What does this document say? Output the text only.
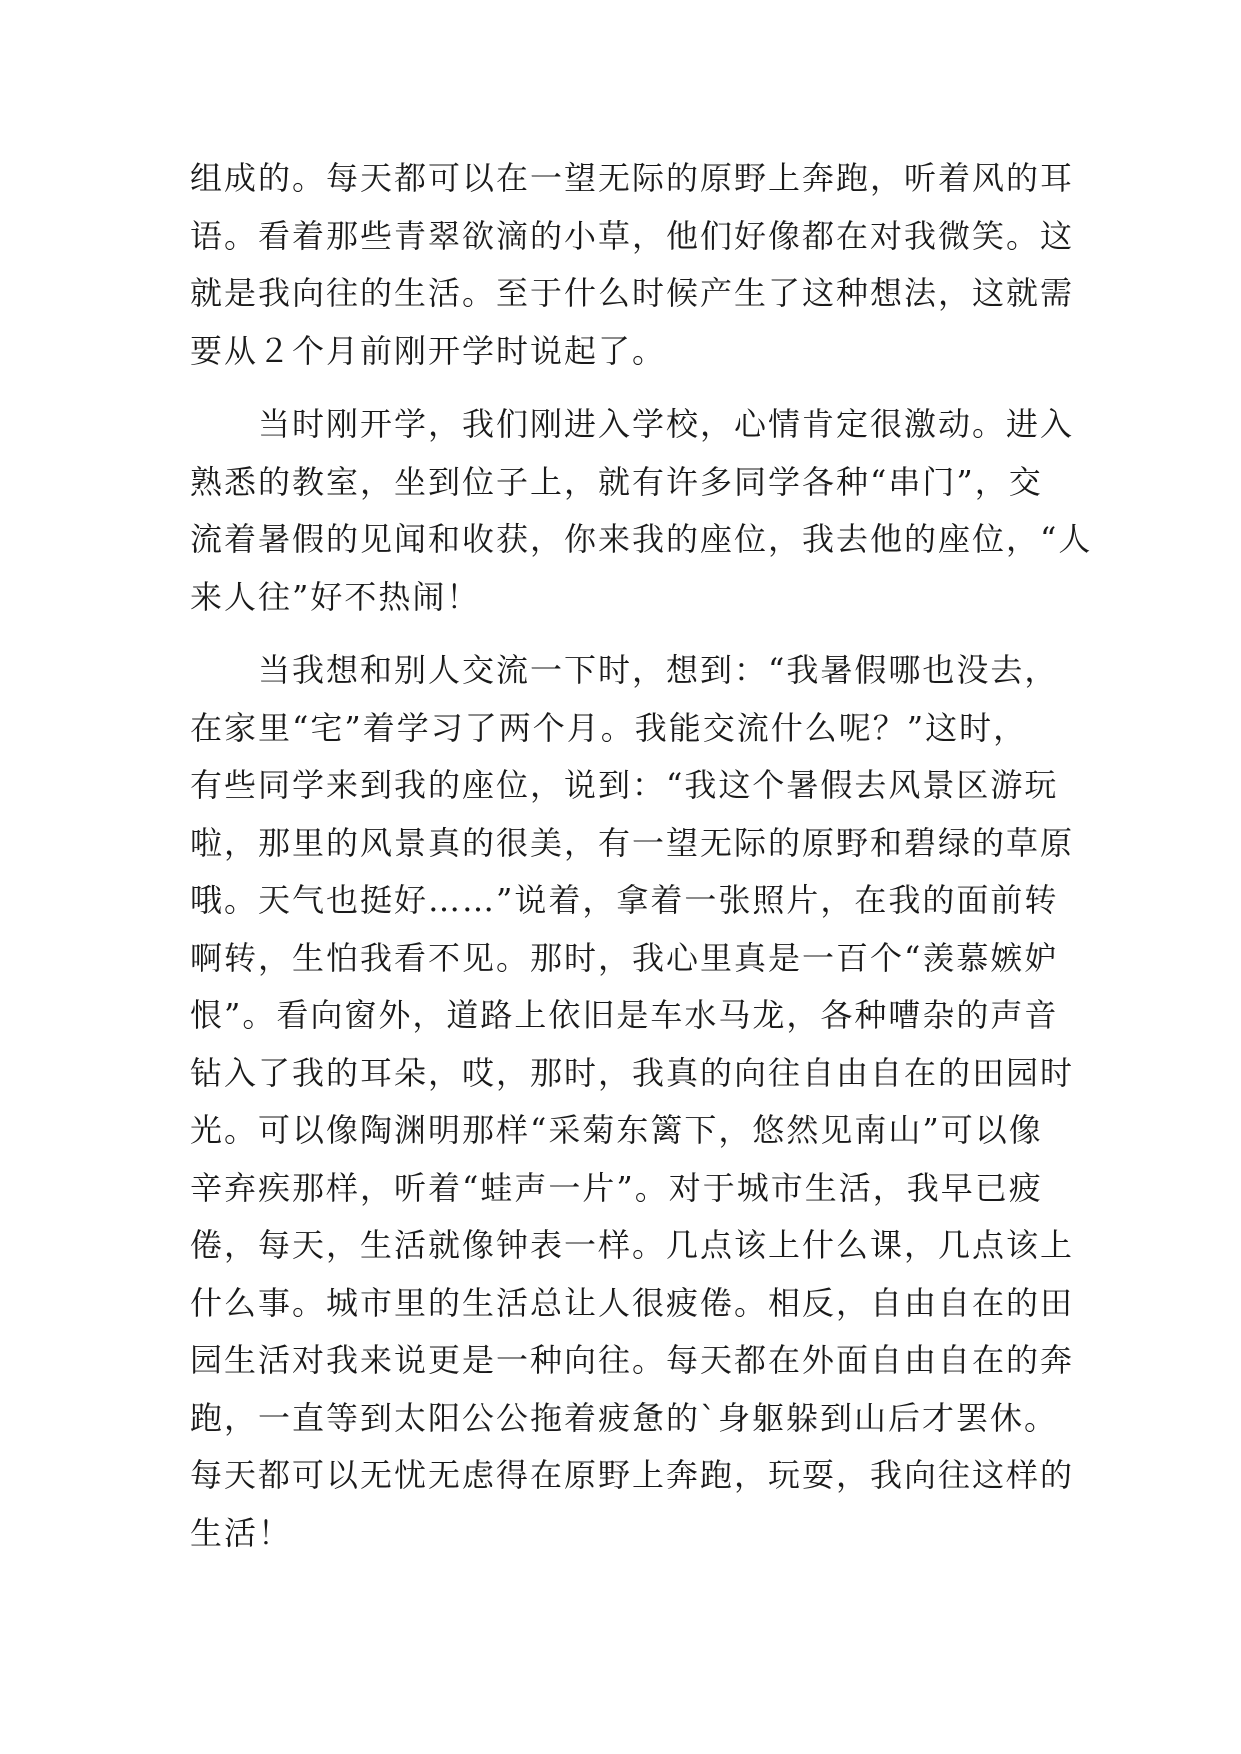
组成的。每天都可以在一望无际的原野上奔跑，听着风的耳
语。看着那些青翠欲滴的小草，他们好像都在对我微笑。这
就是我向往的生活。至于什么时候产生了这种想法，这就需
要从２个月前刚开学时说起了。
当时刚开学，我们刚进入学校，心情肯定很激动。进入
熟悉的教室，坐到位子上，就有许多同学各种“串门”，交
流着暑假的见闻和收获，你来我的座位，我去他的座位，“人
来人往”好不热闹！
当我想和别人交流一下时，想到：“我暑假哪也没去，
在家里“宅”着学习了两个月。我能交流什么呢？”这时，
有些同学来到我的座位，说到：“我这个暑假去风景区游玩
啦，那里的风景真的很美，有一望无际的原野和碧绿的草原
哦。天气也挺好……”说着，拿着一张照片，在我的面前转
啊转，生怕我看不见。那时，我心里真是一百个“羡慕嫉妒
恨”。看向窗外，道路上依旧是车水马龙，各种嘈杂的声音
钻入了我的耳朵，哎，那时，我真的向往自由自在的田园时
光。可以像陶渊明那样“采菊东篱下，悠然见南山”可以像
辛弃疾那样，听着“蛙声一片”。对于城市生活，我早已疲
倦，每天，生活就像钟表一样。几点该上什么课，几点该上
什么事。城市里的生活总让人很疲倦。相反，自由自在的田
园生活对我来说更是一种向往。每天都在外面自由自在的奔
跑，一直等到太阳公公拖着疲惫的`身躯躲到山后才罢休。
每天都可以无忧无虑得在原野上奔跑，玩耍，我向往这样的
生活！
